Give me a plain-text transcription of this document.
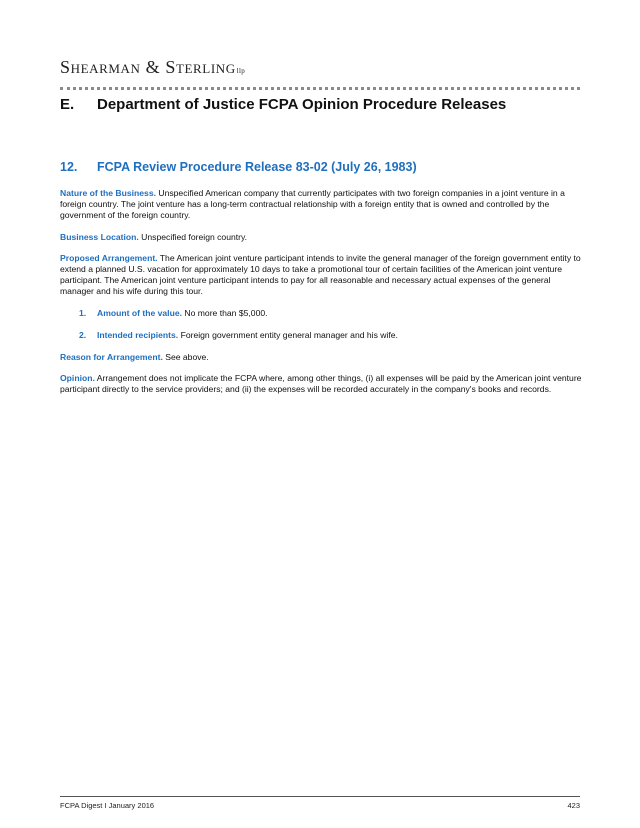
Shearman & Sterlingllp
E. Department of Justice FCPA Opinion Procedure Releases
12. FCPA Review Procedure Release 83-02 (July 26, 1983)

Nature of the Business. Unspecified American company that currently participates with two foreign companies in a joint venture in a foreign country. The joint venture has a long-term contractual relationship with a foreign entity that is owned and controlled by the government of the foreign country.

Business Location. Unspecified foreign country.

Proposed Arrangement. The American joint venture participant intends to invite the general manager of the foreign government entity to extend a planned U.S. vacation for approximately 10 days to take a promotional tour of certain facilities of the American joint venture participant. The American joint venture participant intends to pay for all reasonable and necessary actual expenses of the general manager and his wife during this tour.

1. Amount of the value. No more than $5,000.
2. Intended recipients. Foreign government entity general manager and his wife.

Reason for Arrangement. See above.

Opinion. Arrangement does not implicate the FCPA where, among other things, (i) all expenses will be paid by the American joint venture participant directly to the service providers; and (ii) the expenses will be recorded accurately in the company's books and records.

FCPA Digest I January 2016	423
